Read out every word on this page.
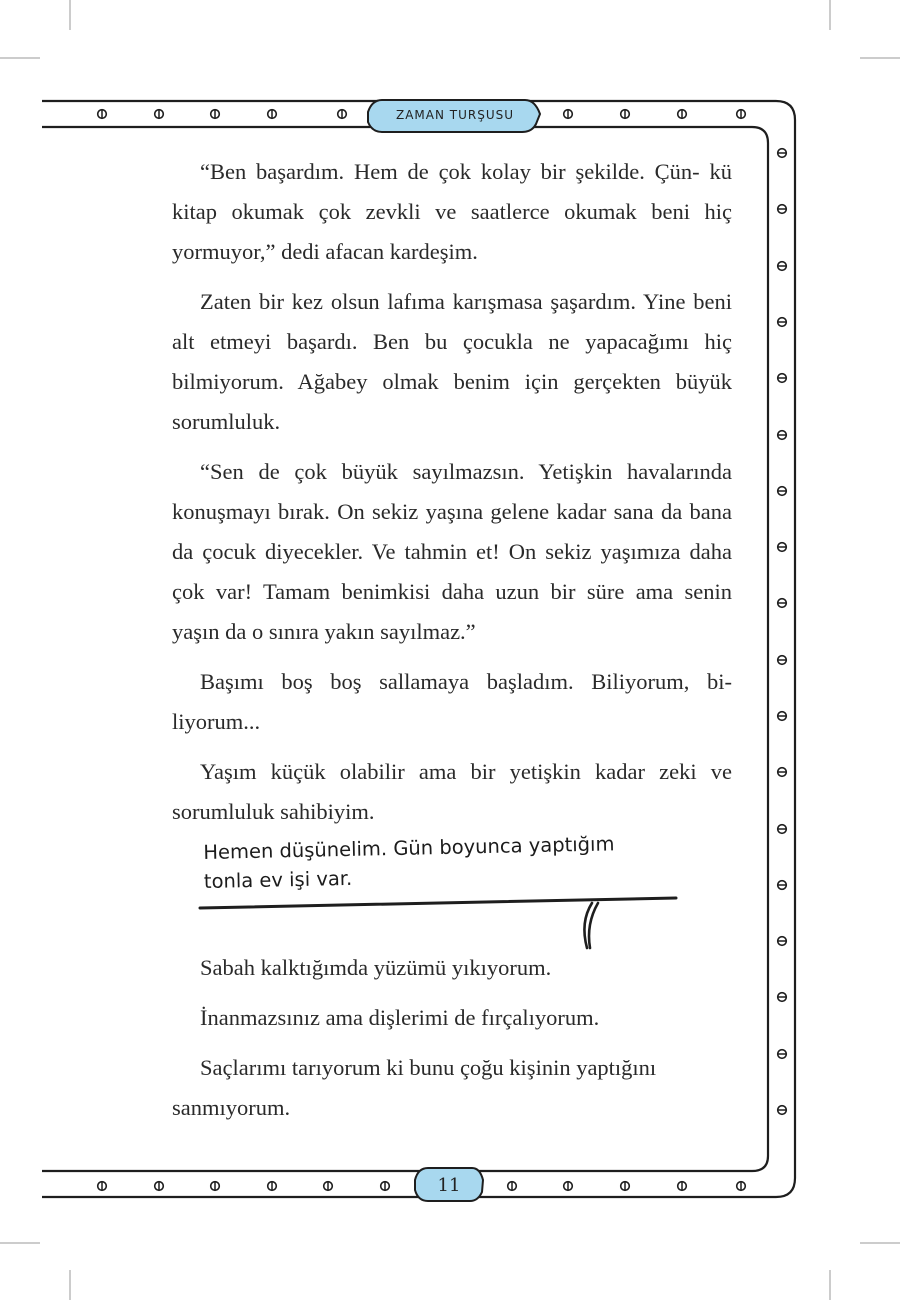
ZAMAN TURŞUSU
11

“Ben başardım. Hem de çok kolay bir şekilde. Çün- kü kitap okumak çok zevkli ve saatlerce okumak beni hiç yormuyor,” dedi afacan kardeşim.

Zaten bir kez olsun lafıma karışmasa şaşardım. Yine beni alt etmeyi başardı. Ben bu çocukla ne yapacağımı hiç bilmiyorum. Ağabey olmak benim için gerçekten büyük sorumluluk.

“Sen de çok büyük sayılmazsın. Yetişkin havalarında konuşmayı bırak. On sekiz yaşına gelene kadar sana da bana da çocuk diyecekler. Ve tahmin et! On sekiz yaşımıza daha çok var! Tamam benimkisi daha uzun bir süre ama senin yaşın da o sınıra yakın sayılmaz.”

Başımı boş boş sallamaya başladım. Biliyorum, bi- liyorum...

Yaşım küçük olabilir ama bir yetişkin kadar zeki ve sorumluluk sahibiyim.

Hemen düşünelim. Gün boyunca yaptığım
tonla ev işi var.

Sabah kalktığımda yüzümü yıkıyorum.

İnanmazsınız ama dişlerimi de fırçalıyorum.

Saçlarımı tarıyorum ki bunu çoğu kişinin yaptığını sanmıyorum.
